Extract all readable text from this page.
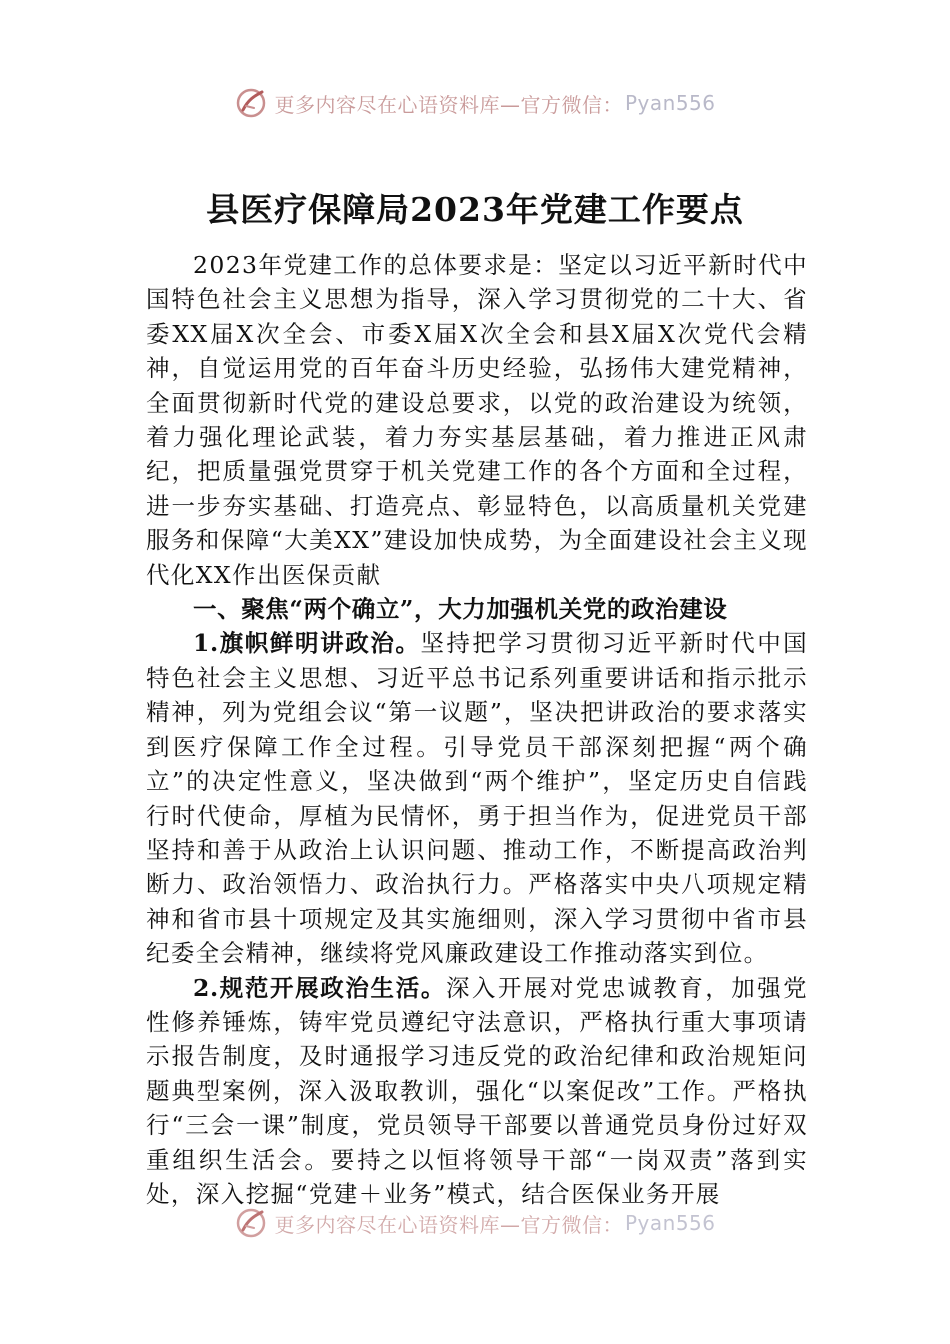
更多内容尽在心语资料库—官方微信： Pyan556
县医疗保障局2023年党建工作要点

2023年党建工作的总体要求是：坚定以习近平新时代中国特色社会主义思想为指导，深入学习贯彻党的二十大、省委XX届X次全会、市委X届X次全会和县X届X次党代会精神，自觉运用党的百年奋斗历史经验，弘扬伟大建党精神，全面贯彻新时代党的建设总要求，以党的政治建设为统领，着力强化理论武装，着力夯实基层基础，着力推进正风肃纪，把质量强党贯穿于机关党建工作的各个方面和全过程，进一步夯实基础、打造亮点、彰显特色，以高质量机关党建服务和保障“大美XX”建设加快成势，为全面建设社会主义现代化XX作出医保贡献

一、聚焦“两个确立”，大力加强机关党的政治建设

1.旗帜鲜明讲政治。坚持把学习贯彻习近平新时代中国特色社会主义思想、习近平总书记系列重要讲话和指示批示精神，列为党组会议“第一议题”，坚决把讲政治的要求落实到医疗保障工作全过程。引导党员干部深刻把握“两个确立”的决定性意义，坚决做到“两个维护”，坚定历史自信践行时代使命，厚植为民情怀，勇于担当作为，促进党员干部坚持和善于从政治上认识问题、推动工作，不断提高政治判断力、政治领悟力、政治执行力。严格落实中央八项规定精神和省市县十项规定及其实施细则，深入学习贯彻中省市县纪委全会精神，继续将党风廉政建设工作推动落实到位。

2.规范开展政治生活。深入开展对党忠诚教育，加强党性修养锤炼，铸牢党员遵纪守法意识，严格执行重大事项请示报告制度，及时通报学习违反党的政治纪律和政治规矩问题典型案例，深入汲取教训，强化“以案促改”工作。严格执行“三会一课”制度，党员领导干部要以普通党员身份过好双重组织生活会。要持之以恒将领导干部“一岗双责”落到实处，深入挖掘“党建＋业务”模式，结合医保业务开展

更多内容尽在心语资料库—官方微信： Pyan556
